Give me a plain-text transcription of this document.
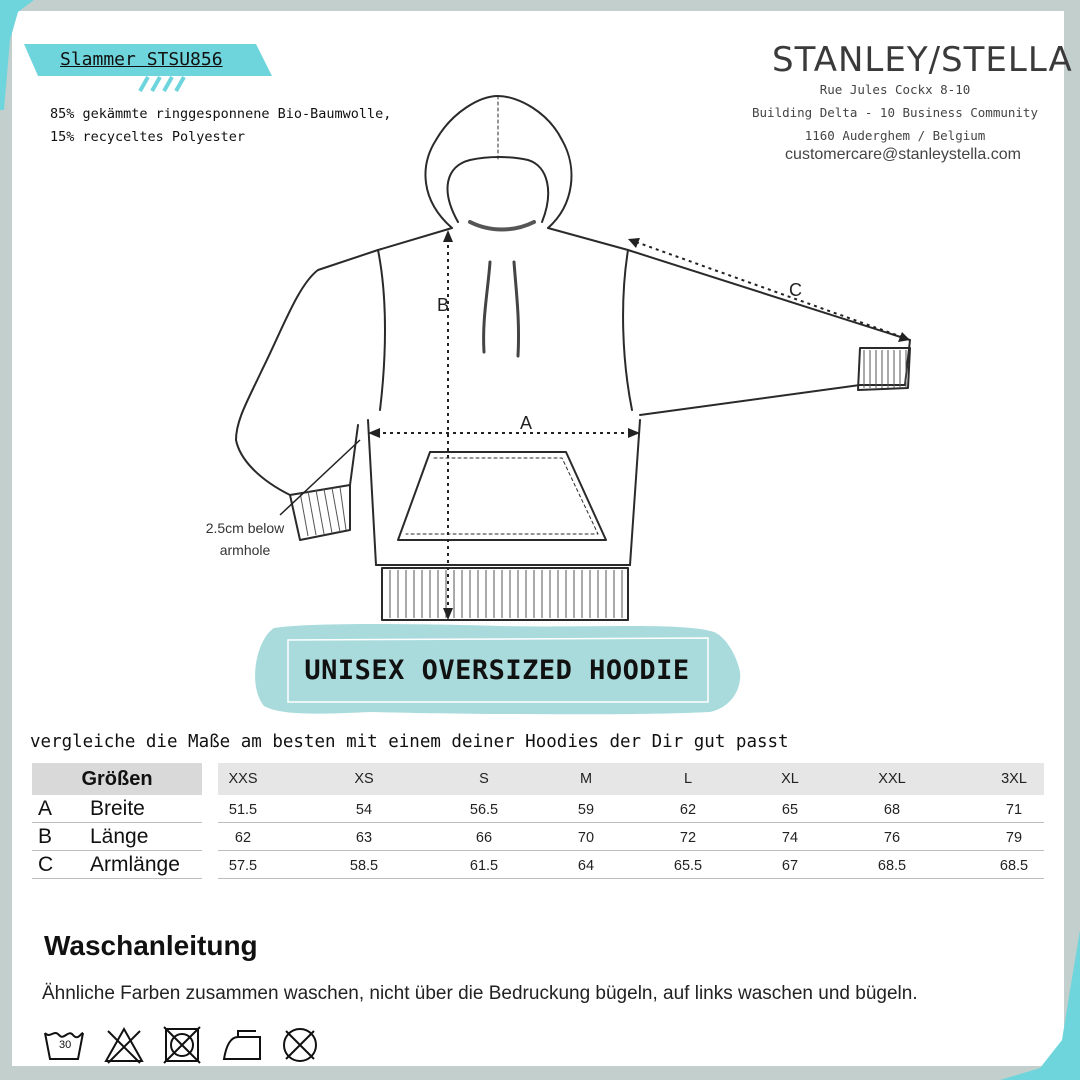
Slammer STSU856
85% gekämmte ringgesponnene Bio-Baumwolle,
15% recyceltes Polyester
STANLEY/STELLA
Rue Jules Cockx 8-10
Building Delta - 10 Business Community
1160 Auderghem / Belgium
customercare@stanleystella.com
A
B
C
2.5cm below
armhole
UNISEX OVERSIZED HOODIE
vergleiche die Maße am besten mit einem deiner Hoodies der Dir gut passt
Größen	XXS	XS	S	M	L	XL	XXL	3XL
A Breite	51.5	54	56.5	59	62	65	68	71
B Länge	62	63	66	70	72	74	76	79
C Armlänge	57.5	58.5	61.5	64	65.5	67	68.5	68.5
Waschanleitung
Ähnliche Farben zusammen waschen, nicht über die Bedruckung bügeln, auf links waschen und bügeln.
30
